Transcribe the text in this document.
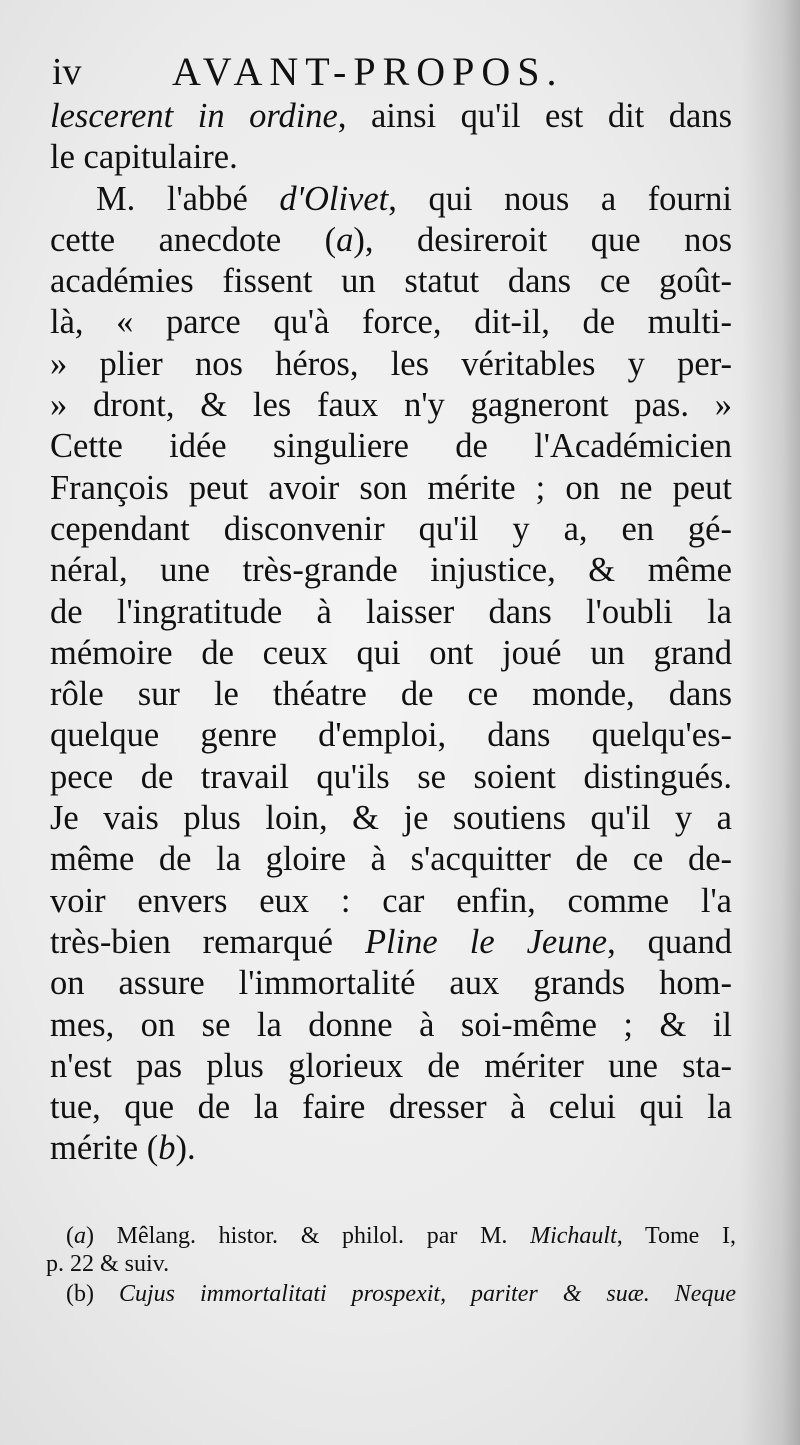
iv AVANT-PROPOS.
lescerent in ordine, ainsi qu'il est dit dans
le capitulaire.
M. l'abbé d'Olivet, qui nous a fourni
cette anecdote (a), desireroit que nos
académies fissent un statut dans ce goût-
là, « parce qu'à force, dit-il, de multi-
» plier nos héros, les véritables y per-
» dront, & les faux n'y gagneront pas. »
Cette idée singuliere de l'Académicien
François peut avoir son mérite ; on ne peut
cependant disconvenir qu'il y a, en gé-
néral, une très-grande injustice, & même
de l'ingratitude à laisser dans l'oubli la
mémoire de ceux qui ont joué un grand
rôle sur le théatre de ce monde, dans
quelque genre d'emploi, dans quelqu'es-
pece de travail qu'ils se soient distingués.
Je vais plus loin, & je soutiens qu'il y a
même de la gloire à s'acquitter de ce de-
voir envers eux : car enfin, comme l'a
très-bien remarqué Pline le Jeune, quand
on assure l'immortalité aux grands hom-
mes, on se la donne à soi-même ; & il
n'est pas plus glorieux de mériter une sta-
tue, que de la faire dresser à celui qui la
mérite (b).
(a) Mêlang. histor. & philol. par M. Michault, Tome I,
p. 22 & suiv.
(b) Cujus immortalitati prospexit, pariter & suæ. Neque
